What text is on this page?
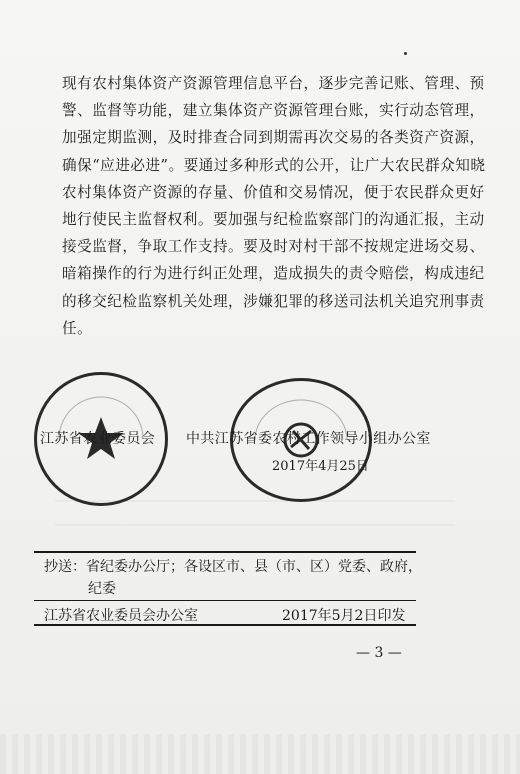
现有农村集体资产资源管理信息平台，逐步完善记账、管理、预
警、监督等功能，建立集体资产资源管理台账，实行动态管理，
加强定期监测，及时排查合同到期需再次交易的各类资产资源，
确保“应进必进”。要通过多种形式的公开，让广大农民群众知晓
农村集体资产资源的存量、价值和交易情况，便于农民群众更好
地行使民主监督权利。要加强与纪检监察部门的沟通汇报，主动
接受监督，争取工作支持。要及时对村干部不按规定进场交易、
暗箱操作的行为进行纠正处理，造成损失的责令赔偿，构成违纪
的移交纪检监察机关处理，涉嫌犯罪的移送司法机关追究刑事责
任。
江苏省农业委员会 中共江苏省委农村工作领导小组办公室
2017年4月25日
抄送：省纪委办公厅；各设区市、县（市、区）党委、政府，
纪委
江苏省农业委员会办公室	2017年5月2日印发
— 3 —
